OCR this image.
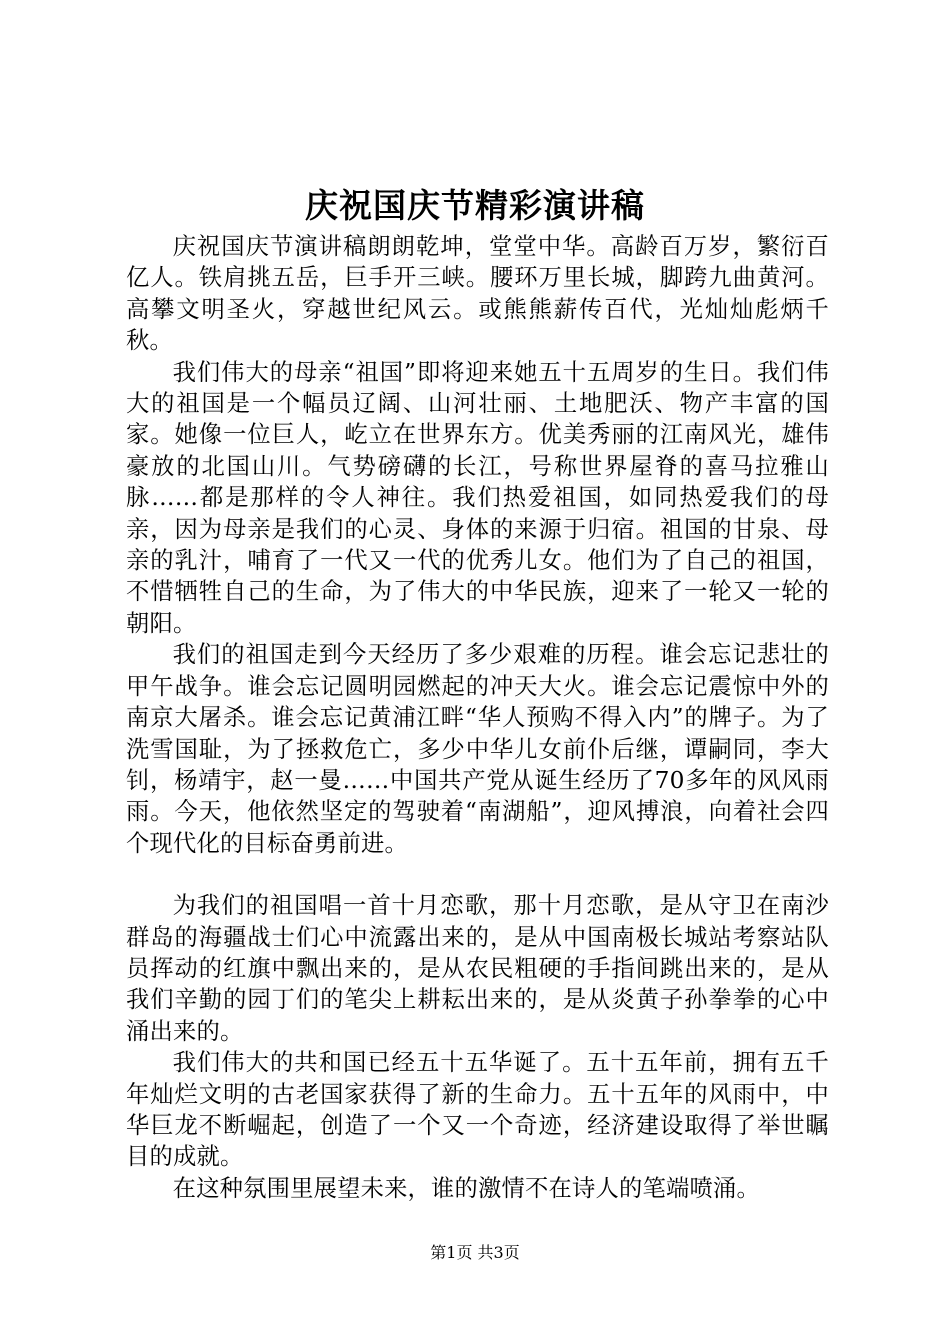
庆祝国庆节精彩演讲稿

庆祝国庆节演讲稿朗朗乾坤，堂堂中华。高龄百万岁，繁衍百亿人。铁肩挑五岳，巨手开三峡。腰环万里长城，脚跨九曲黄河。高攀文明圣火，穿越世纪风云。或熊熊薪传百代，光灿灿彪炳千秋。

我们伟大的母亲“祖国”即将迎来她五十五周岁的生日。我们伟大的祖国是一个幅员辽阔、山河壮丽、土地肥沃、物产丰富的国家。她像一位巨人，屹立在世界东方。优美秀丽的江南风光，雄伟豪放的北国山川。气势磅礴的长江，号称世界屋脊的喜马拉雅山脉……都是那样的令人神往。我们热爱祖国，如同热爱我们的母亲，因为母亲是我们的心灵、身体的来源于归宿。祖国的甘泉、母亲的乳汁，哺育了一代又一代的优秀儿女。他们为了自己的祖国，不惜牺牲自己的生命，为了伟大的中华民族，迎来了一轮又一轮的朝阳。

我们的祖国走到今天经历了多少艰难的历程。谁会忘记悲壮的甲午战争。谁会忘记圆明园燃起的冲天大火。谁会忘记震惊中外的南京大屠杀。谁会忘记黄浦江畔“华人预购不得入内”的牌子。为了洗雪国耻，为了拯救危亡，多少中华儿女前仆后继，谭嗣同，李大钊，杨靖宇，赵一曼……中国共产党从诞生经历了70多年的风风雨雨。今天，他依然坚定的驾驶着“南湖船”，迎风搏浪，向着社会四个现代化的目标奋勇前进。

为我们的祖国唱一首十月恋歌，那十月恋歌，是从守卫在南沙群岛的海疆战士们心中流露出来的，是从中国南极长城站考察站队员挥动的红旗中飘出来的，是从农民粗硬的手指间跳出来的，是从我们辛勤的园丁们的笔尖上耕耘出来的，是从炎黄子孙拳拳的心中涌出来的。

我们伟大的共和国已经五十五华诞了。五十五年前，拥有五千年灿烂文明的古老国家获得了新的生命力。五十五年的风雨中，中华巨龙不断崛起，创造了一个又一个奇迹，经济建设取得了举世瞩目的成就。

在这种氛围里展望未来，谁的激情不在诗人的笔端喷涌。

第1页 共3页
